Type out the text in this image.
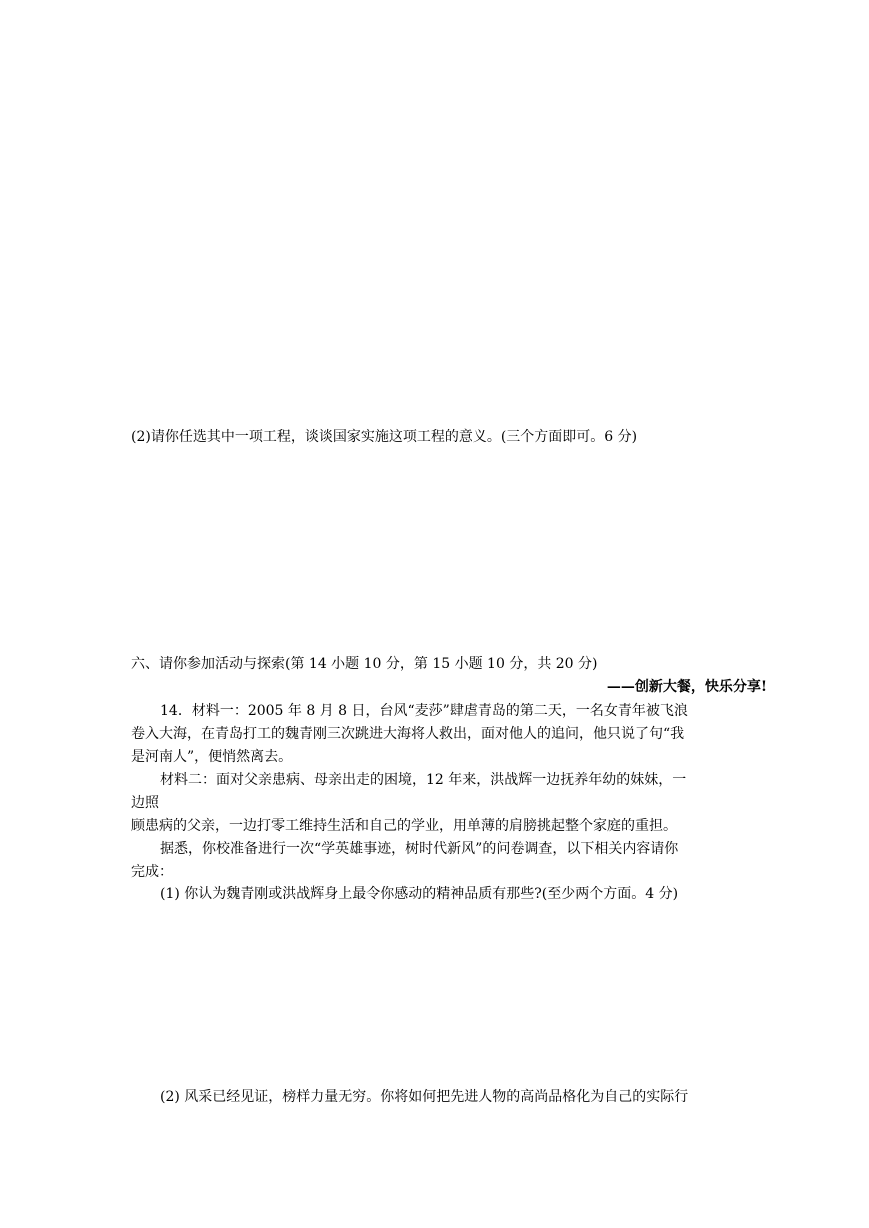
(2)请你任选其中一项工程，谈谈国家实施这项工程的意义。(三个方面即可。6 分)
六、请你参加活动与探索(第 14 小题 10 分，第 15 小题 10 分，共 20 分)
——创新大餐，快乐分享!
14．材料一：2005 年 8 月 8 日，台风“麦莎”肆虐青岛的第二天，一名女青年被飞浪
卷入大海，在青岛打工的魏青刚三次跳进大海将人救出，面对他人的追问，他只说了句“我
是河南人”，便悄然离去。
材料二：面对父亲患病、母亲出走的困境，12 年来，洪战辉一边抚养年幼的妹妹，一
边照
顾患病的父亲，一边打零工维持生活和自己的学业，用单薄的肩膀挑起整个家庭的重担。
据悉，你校准备进行一次“学英雄事迹，树时代新风”的问卷调查，以下相关内容请你
完成：
(1) 你认为魏青刚或洪战辉身上最令你感动的精神品质有那些?(至少两个方面。4 分)
(2) 风采已经见证，榜样力量无穷。你将如何把先进人物的高尚品格化为自己的实际行
